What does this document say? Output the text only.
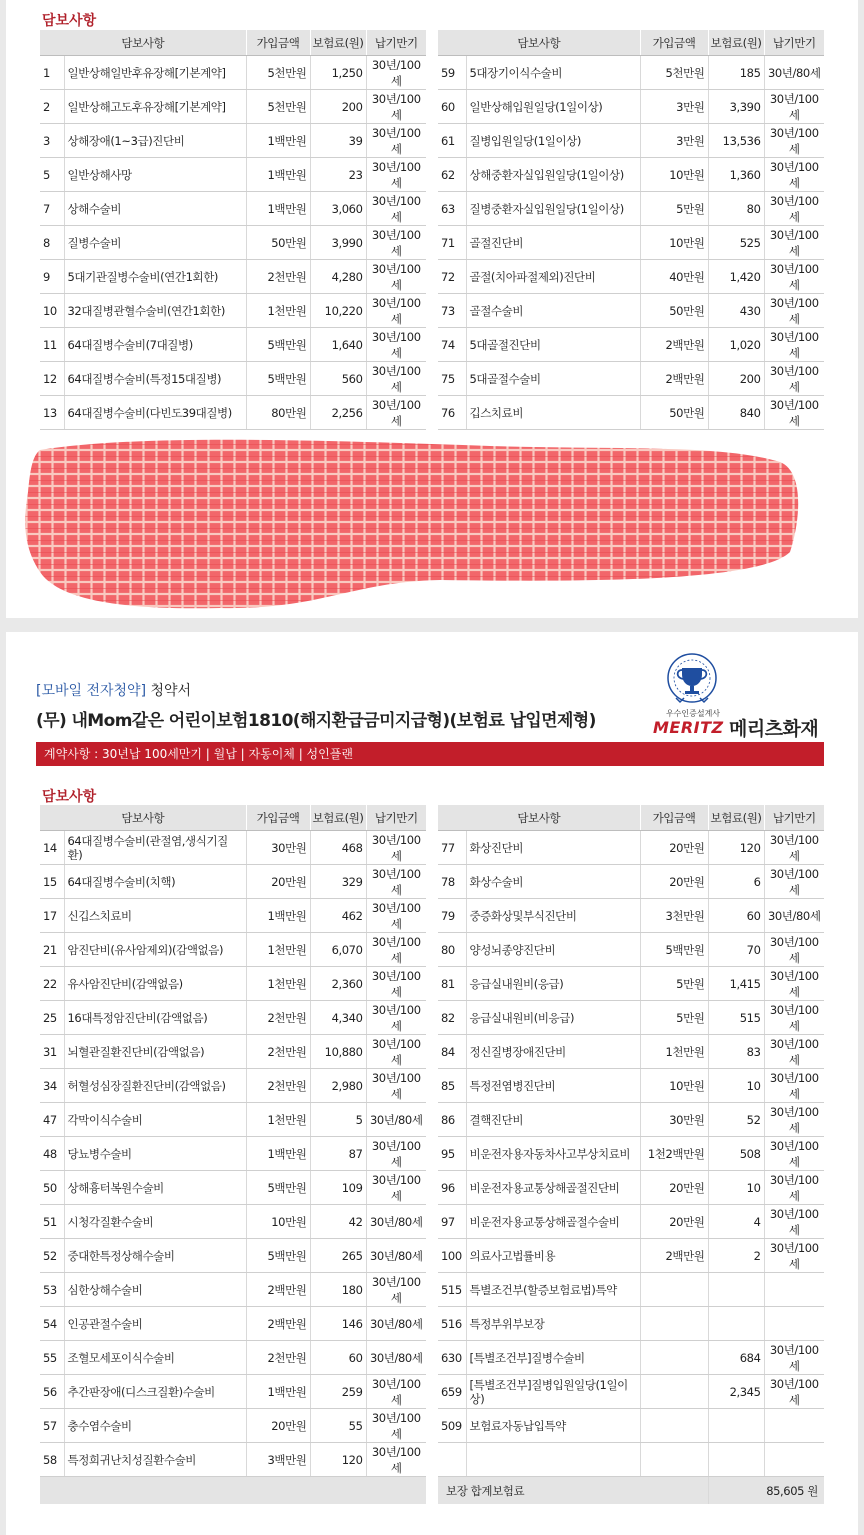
담보사항
담보사항		가입금액	보험료(원)	납기만기
1	일반상해일반후유장해[기본계약]	5천만원	1,250	30년/100세
2	일반상해고도후유장해[기본계약]	5천만원	200	30년/100세
3	상해장애(1~3급)진단비	1백만원	39	30년/100세
5	일반상해사망	1백만원	23	30년/100세
7	상해수술비	1백만원	3,060	30년/100세
8	질병수술비	50만원	3,990	30년/100세
9	5대기관질병수술비(연간1회한)	2천만원	4,280	30년/100세
10	32대질병관혈수술비(연간1회한)	1천만원	10,220	30년/100세
11	64대질병수술비(7대질병)	5백만원	1,640	30년/100세
12	64대질병수술비(특정15대질병)	5백만원	560	30년/100세
13	64대질병수술비(다빈도39대질병)	80만원	2,256	30년/100세
담보사항		가입금액	보험료(원)	납기만기
59	5대장기이식수술비	5천만원	185	30년/80세
60	일반상해입원일당(1일이상)	3만원	3,390	30년/100세
61	질병입원일당(1일이상)	3만원	13,536	30년/100세
62	상해중환자실입원일당(1일이상)	10만원	1,360	30년/100세
63	질병중환자실입원일당(1일이상)	5만원	80	30년/100세
71	골절진단비	10만원	525	30년/100세
72	골절(치아파절제외)진단비	40만원	1,420	30년/100세
73	골절수술비	50만원	430	30년/100세
74	5대골절진단비	2백만원	1,020	30년/100세
75	5대골절수술비	2백만원	200	30년/100세
76	깁스치료비	50만원	840	30년/100세
[모바일 전자청약] 청약서
(무) 내Mom같은 어린이보험1810(해지환급금미지급형)(보험료 납입면제형)	우수인증설계사
MERITZ 메리츠화재
계약사항 : 30년납 100세만기 | 월납 | 자동이체 | 성인플랜
담보사항
담보사항		가입금액	보험료(원)	납기만기
14	64대질병수술비(관절염,생식기질환)	30만원	468	30년/100세
15	64대질병수술비(치핵)	20만원	329	30년/100세
17	신깁스치료비	1백만원	462	30년/100세
21	암진단비(유사암제외)(감액없음)	1천만원	6,070	30년/100세
22	유사암진단비(감액없음)	1천만원	2,360	30년/100세
25	16대특정암진단비(감액없음)	2천만원	4,340	30년/100세
31	뇌혈관질환진단비(감액없음)	2천만원	10,880	30년/100세
34	허혈성심장질환진단비(감액없음)	2천만원	2,980	30년/100세
47	각막이식수술비	1천만원	5	30년/80세
48	당뇨병수술비	1백만원	87	30년/100세
50	상해흉터복원수술비	5백만원	109	30년/100세
51	시청각질환수술비	10만원	42	30년/80세
52	중대한특정상해수술비	5백만원	265	30년/80세
53	심한상해수술비	2백만원	180	30년/100세
54	인공관절수술비	2백만원	146	30년/80세
55	조혈모세포이식수술비	2천만원	60	30년/80세
56	추간판장애(디스크질환)수술비	1백만원	259	30년/100세
57	충수염수술비	20만원	55	30년/100세
58	특정희귀난치성질환수술비	3백만원	120	30년/100세

담보사항		가입금액	보험료(원)	납기만기
77	화상진단비	20만원	120	30년/100세
78	화상수술비	20만원	6	30년/100세
79	중증화상및부식진단비	3천만원	60	30년/80세
80	양성뇌종양진단비	5백만원	70	30년/100세
81	응급실내원비(응급)	5만원	1,415	30년/100세
82	응급실내원비(비응급)	5만원	515	30년/100세
84	정신질병장애진단비	1천만원	83	30년/100세
85	특정전염병진단비	10만원	10	30년/100세
86	결핵진단비	30만원	52	30년/100세
95	비운전자용자동차사고부상치료비	1천2백만원	508	30년/100세
96	비운전자용교통상해골절진단비	20만원	10	30년/100세
97	비운전자용교통상해골절수술비	20만원	4	30년/100세
100	의료사고법률비용	2백만원	2	30년/100세
515	특별조건부(할증보험료법)특약			
516	특정부위부보장			
630	[특별조건부]질병수술비		684	30년/100세
659	[특별조건부]질병입원일당(1일이상)		2,345	30년/100세
509	보험료자동납입특약			

보장 합계보험료			85,605 원	
